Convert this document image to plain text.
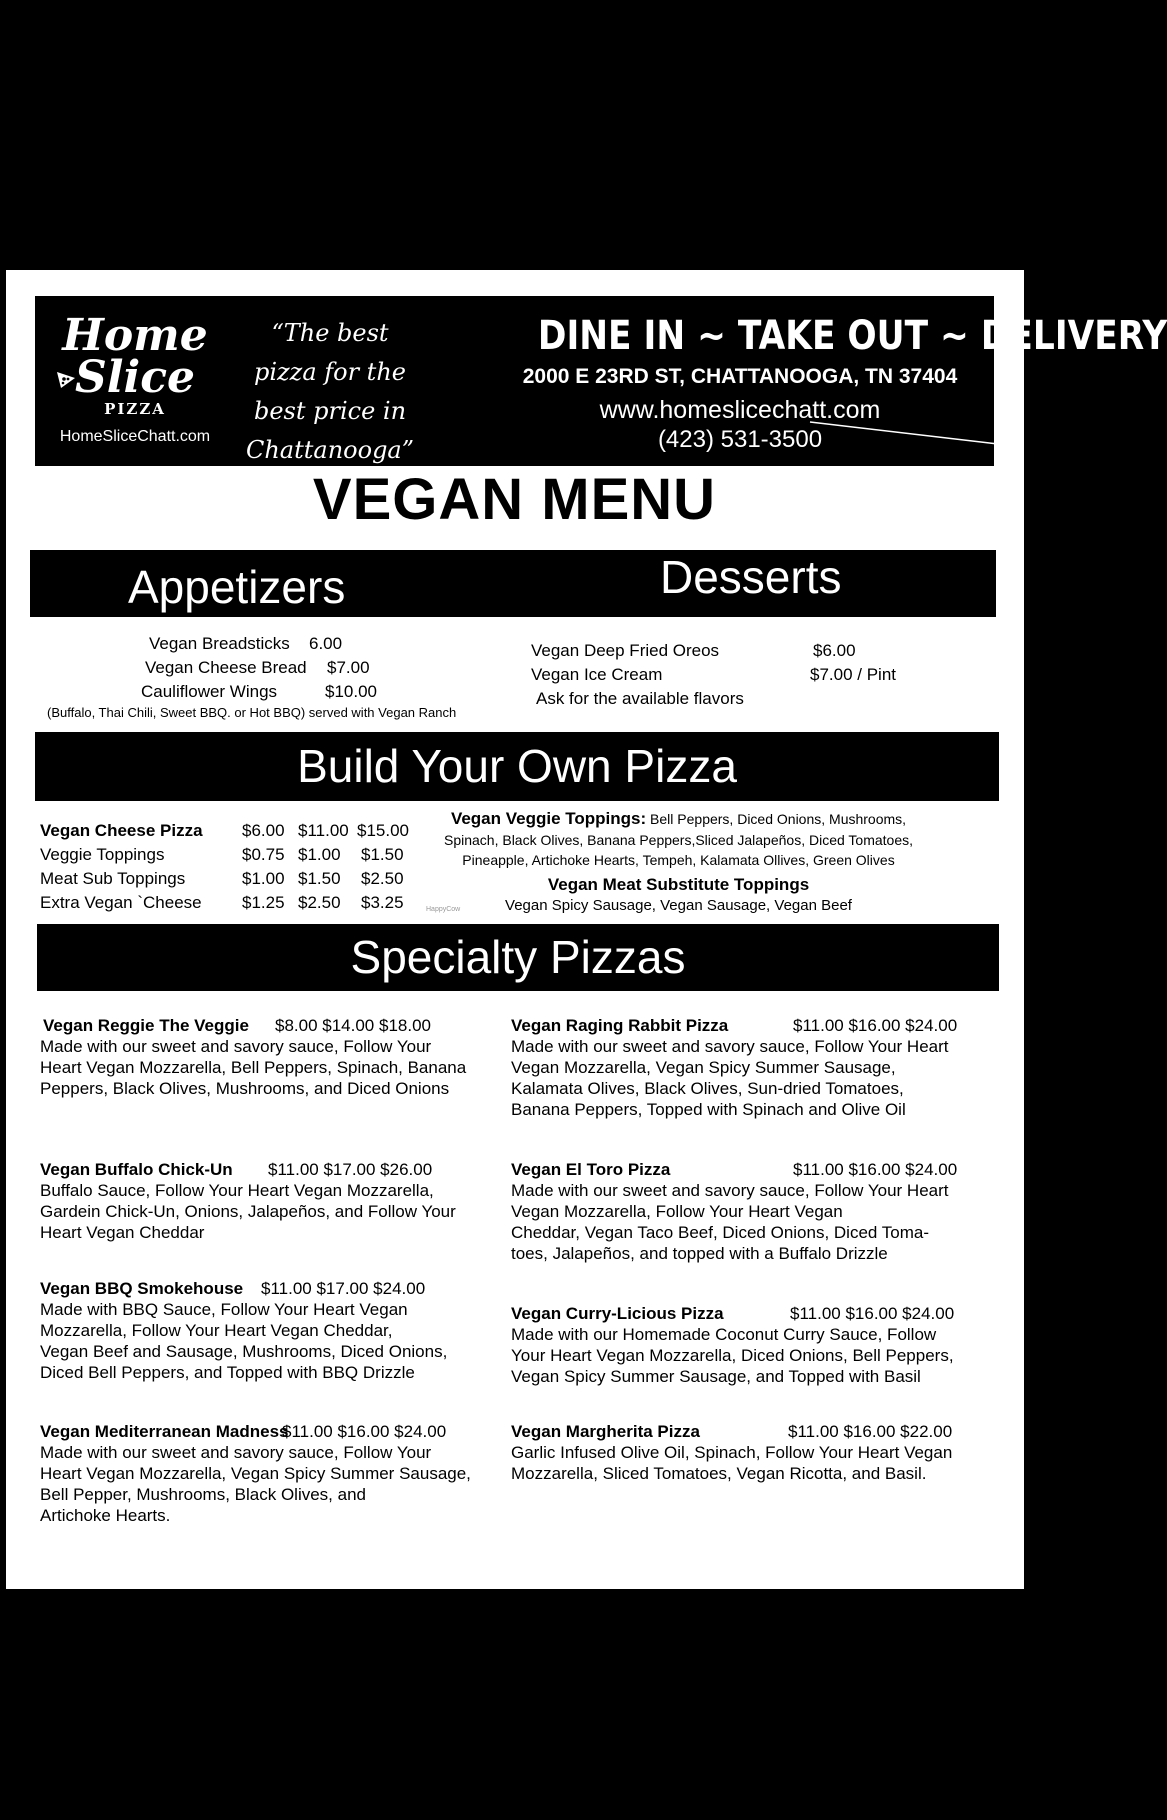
Home
Slice
PIZZA
HomeSliceChatt.com
“The best
pizza for the
best price in
Chattanooga”
DINE IN ~ TAKE OUT ~ DELIVERY
2000 E 23RD ST, CHATTANOOGA, TN 37404
www.homeslicechatt.com
(423) 531-3500
VEGAN MENU
Appetizers	Desserts
Vegan Breadsticks 6.00
Vegan Cheese Bread $7.00
Cauliflower Wings	$10.00
(Buffalo, Thai Chili, Sweet BBQ. or Hot BBQ) served with Vegan Ranch
Vegan Deep Fried Oreos	$6.00
Vegan Ice Cream	$7.00 / Pint
Ask for the available flavors
Build Your Own Pizza
Vegan Cheese Pizza $6.00 $11.00 $15.00
Veggie Toppings	$0.75 $1.00 $1.50
Meat Sub Toppings	$1.00 $1.50 $2.50
Extra Vegan `Cheese $1.25 $2.50 $3.25
Vegan Veggie Toppings: Bell Peppers, Diced Onions, Mushrooms,
Spinach, Black Olives, Banana Peppers,Sliced Jalapeños, Diced Tomatoes,
Pineapple, Artichoke Hearts, Tempeh, Kalamata Ollives, Green Olives
Vegan Meat Substitute Toppings
Vegan Spicy Sausage, Vegan Sausage, Vegan Beef
HappyCow
Specialty Pizzas
Vegan Reggie The Veggie $8.00 $14.00 $18.00
Made with our sweet and savory sauce, Follow Your
Heart Vegan Mozzarella, Bell Peppers, Spinach, Banana
Peppers, Black Olives, Mushrooms, and Diced Onions
Vegan Buffalo Chick-Un $11.00 $17.00 $26.00
Buffalo Sauce, Follow Your Heart Vegan Mozzarella,
Gardein Chick-Un, Onions, Jalapeños, and Follow Your
Heart Vegan Cheddar
Vegan BBQ Smokehouse $11.00 $17.00 $24.00
Made with BBQ Sauce, Follow Your Heart Vegan
Mozzarella, Follow Your Heart Vegan Cheddar,
Vegan Beef and Sausage, Mushrooms, Diced Onions,
Diced Bell Peppers, and Topped with BBQ Drizzle
Vegan Mediterranean Madness
$11.00 $16.00 $24.00
Made with our sweet and savory sauce, Follow Your
Heart Vegan Mozzarella, Vegan Spicy Summer Sausage,
Bell Pepper, Mushrooms, Black Olives, and
Artichoke Hearts.
Vegan Raging Rabbit Pizza	$11.00 $16.00 $24.00
Made with our sweet and savory sauce, Follow Your Heart
Vegan Mozzarella, Vegan Spicy Summer Sausage,
Kalamata Olives, Black Olives, Sun-dried Tomatoes,
Banana Peppers, Topped with Spinach and Olive Oil
Vegan El Toro Pizza	$11.00 $16.00 $24.00
Made with our sweet and savory sauce, Follow Your Heart
Vegan Mozzarella, Follow Your Heart Vegan
Cheddar, Vegan Taco Beef, Diced Onions, Diced Toma-
toes, Jalapeños, and topped with a Buffalo Drizzle
Vegan Curry-Licious Pizza	$11.00 $16.00 $24.00
Made with our Homemade Coconut Curry Sauce, Follow
Your Heart Vegan Mozzarella, Diced Onions, Bell Peppers,
Vegan Spicy Summer Sausage, and Topped with Basil
Vegan Margherita Pizza	$11.00 $16.00 $22.00
Garlic Infused Olive Oil, Spinach, Follow Your Heart Vegan
Mozzarella, Sliced Tomatoes, Vegan Ricotta, and Basil.
